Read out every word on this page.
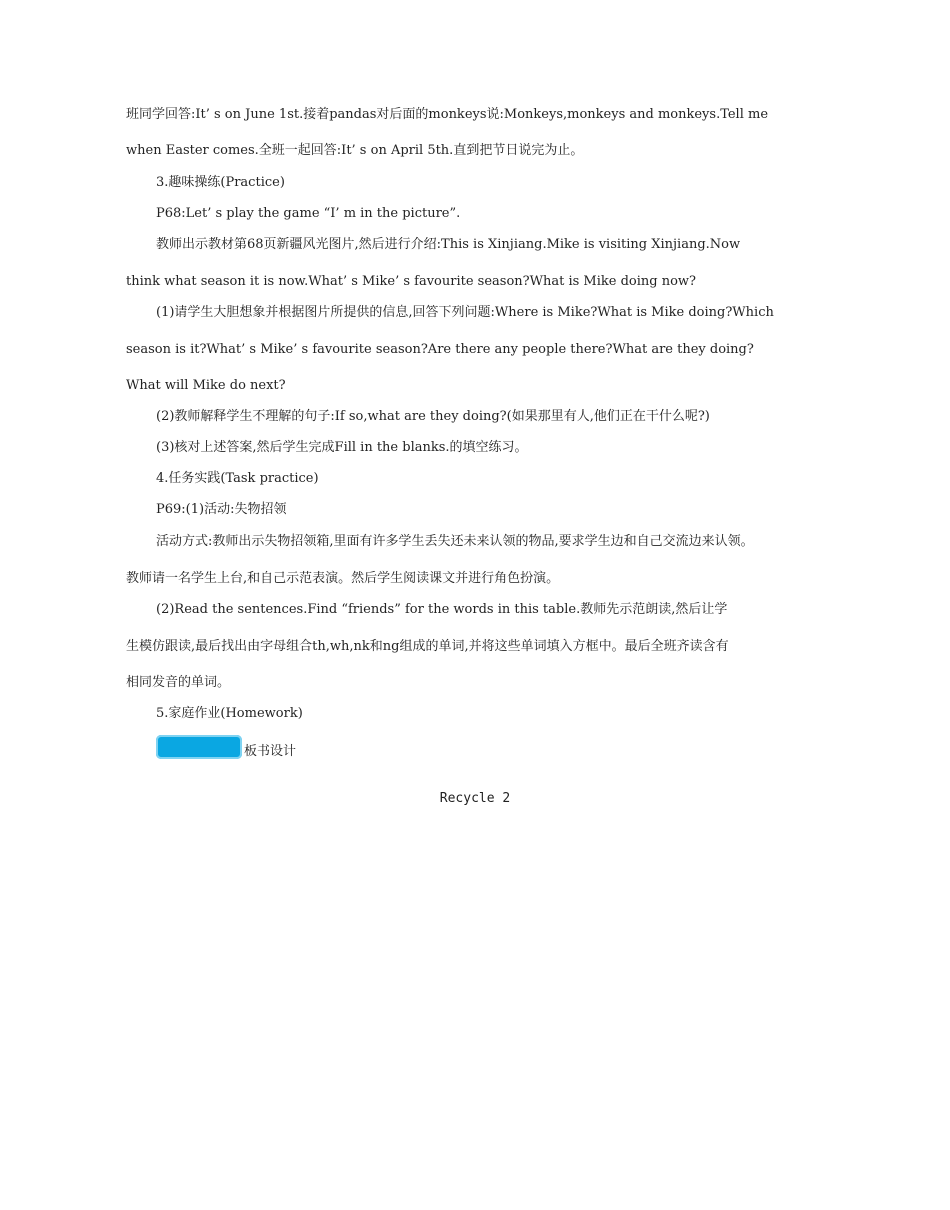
班同学回答:It’ s on June 1st.接着pandas对后面的monkeys说:Monkeys,monkeys and monkeys.Tell me
when Easter comes.全班一起回答:It’ s on April 5th.直到把节日说完为止。
3.趣味操练(Practice)
P68:Let’ s play the game “I’ m in the picture”.
教师出示教材第68页新疆风光图片,然后进行介绍:This is Xinjiang.Mike is visiting Xinjiang.Now
think what season it is now.What’ s Mike’ s favourite season?What is Mike doing now?
(1)请学生大胆想象并根据图片所提供的信息,回答下列问题:Where is Mike?What is Mike doing?Which
season is it?What’ s Mike’ s favourite season?Are there any people there?What are they doing?
What will Mike do next?
(2)教师解释学生不理解的句子:If so,what are they doing?(如果那里有人,他们正在干什么呢?)
(3)核对上述答案,然后学生完成Fill in the blanks.的填空练习。
4.任务实践(Task practice)
P69:(1)活动:失物招领
活动方式:教师出示失物招领箱,里面有许多学生丢失还未来认领的物品,要求学生边和自己交流边来认领。
教师请一名学生上台,和自己示范表演。然后学生阅读课文并进行角色扮演。
(2)Read the sentences.Find “friends” for the words in this table.教师先示范朗读,然后让学
生模仿跟读,最后找出由字母组合th,wh,nk和ng组成的单词,并将这些单词填入方框中。最后全班齐读含有
相同发音的单词。
5.家庭作业(Homework)
板书设计
Recycle 2
